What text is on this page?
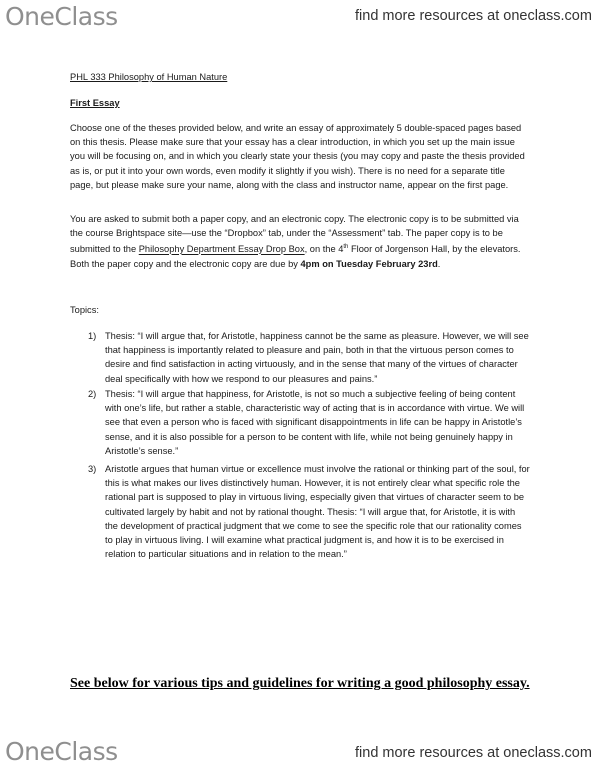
OneClass	find more resources at oneclass.com
PHL 333 Philosophy of Human Nature
First Essay

Choose one of the theses provided below, and write an essay of approximately 5 double-spaced pages based on this thesis. Please make sure that your essay has a clear introduction, in which you set up the main issue you will be focusing on, and in which you clearly state your thesis (you may copy and paste the thesis provided as is, or put it into your own words, even modify it slightly if you wish). There is no need for a separate title page, but please make sure your name, along with the class and instructor name, appear on the first page.

You are asked to submit both a paper copy, and an electronic copy. The electronic copy is to be submitted via the course Brightspace site—use the “Dropbox” tab, under the “Assessment” tab. The paper copy is to be submitted to the Philosophy Department Essay Drop Box, on the 4th Floor of Jorgenson Hall, by the elevators. Both the paper copy and the electronic copy are due by 4pm on Tuesday February 23rd.

Topics:
1) Thesis: “I will argue that, for Aristotle, happiness cannot be the same as pleasure. However, we will see that happiness is importantly related to pleasure and pain, both in that the virtuous person comes to desire and find satisfaction in acting virtuously, and in the sense that many of the virtues of character deal specifically with how we respond to our pleasures and pains.”
2) Thesis: “I will argue that happiness, for Aristotle, is not so much a subjective feeling of being content with one’s life, but rather a stable, characteristic way of acting that is in accordance with virtue. We will see that even a person who is faced with significant disappointments in life can be happy in Aristotle’s sense, and it is also possible for a person to be content with life, while not being genuinely happy in Aristotle’s sense.”
3) Aristotle argues that human virtue or excellence must involve the rational or thinking part of the soul, for this is what makes our lives distinctively human. However, it is not entirely clear what specific role the rational part is supposed to play in virtuous living, especially given that virtues of character seem to be cultivated largely by habit and not by rational thought. Thesis: “I will argue that, for Aristotle, it is with the development of practical judgment that we come to see the specific role that our rationality comes to play in virtuous living. I will examine what practical judgment is, and how it is to be exercised in relation to particular situations and in relation to the mean.”
See below for various tips and guidelines for writing a good philosophy essay.
OneClass	find more resources at oneclass.com
